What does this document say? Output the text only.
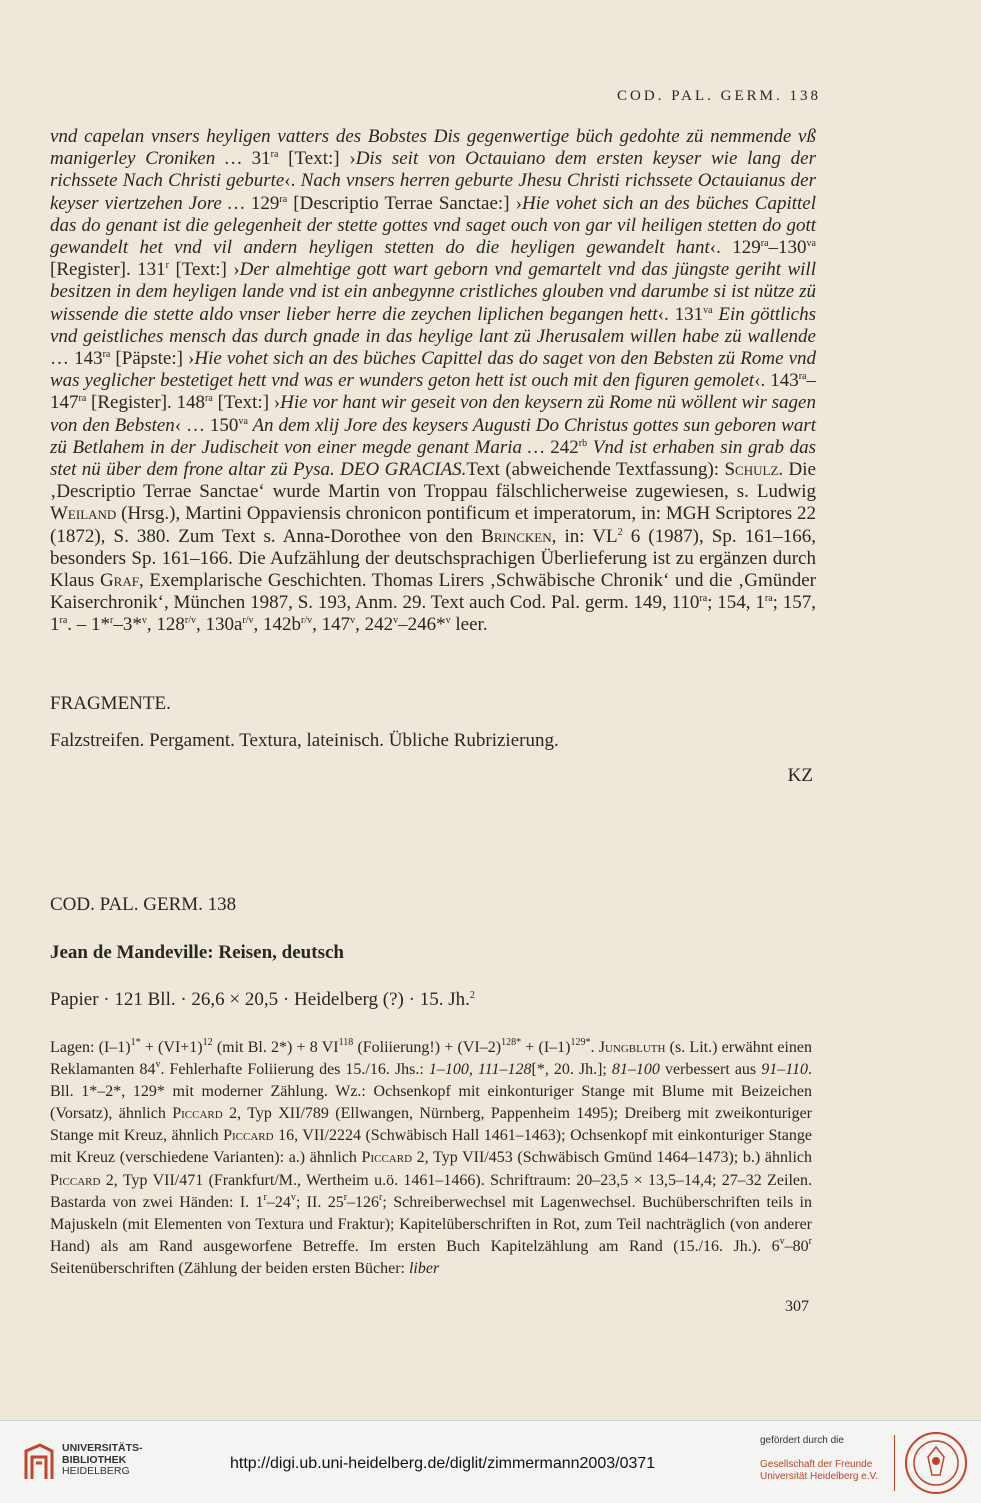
COD. PAL. GERM. 138

vnd capelan vnsers heyligen vatters des Bobstes Dis gegenwertige büch gedohte zü nemmende vß manigerley Croniken … $31^{ra}$ [Text:] ›Dis seit von Octauiano dem ersten keyser wie lang der richssete Nach Christi geburte‹. Nach vnsers herren geburte Jhesu Christi richssete Octauianus der keyser viertzehen Jore … $129^{ra}$ [Descriptio Terrae Sanctae:] ›Hie vohet sich an des büches Capittel das do genant ist die gelegenheit der stette gottes vnd saget ouch von gar vil heiligen stetten do gott gewandelt het vnd vil andern heyligen stetten do die heyligen gewandelt hant‹. $129^{ra}-130^{va}$ [Register]. 131$^r$ [Text:] ›Der almehtige gott wart geborn vnd gemartelt vnd das jüngste geriht will besitzen in dem heyligen lande vnd ist ein anbegynne cristliches glouben vnd darumbe si ist nütze zü wissende die stette aldo vnser lieber herre die zeychen liplichen begangen hett‹. $131^{va}$ Ein göttlichs vnd geistliches mensch das durch gnade in das heylige lant zü Jherusalem willen habe zü wallende … $143^{ra}$ [Päpste:] ›Hie vohet sich an des büches Capittel das do saget von den Bebsten zü Rome vnd was yeglicher bestetiget hett vnd was er wunders geton hett ist ouch mit den figuren gemolet‹. $143^{ra}-147^{ra}$ [Register]. $148^{ra}$ [Text:] ›Hie vor hant wir geseit von den keysern zü Rome nü wöllent wir sagen von den Bebsten‹ … $150^{va}$ An dem xlij Jore des keysers Augusti Do Christus gottes sun geboren wart zü Betlahem in der Judischeit von einer megde genant Maria … $242^{rb}$ Vnd ist erhaben sin grab das stet nü über dem frone altar zü Pysa. DEO GRACIAS.Text (abweichende Textfassung): Schulz. Die ‚Descriptio Terrae Sanctae‘ wurde Martin von Troppau fälschlicherweise zugewiesen, s. Ludwig Weiland (Hrsg.), Martini Oppaviensis chronicon pontificum et imperatorum, in: MGH Scriptores 22 (1872), S. 380. Zum Text s. Anna-Dorothee von den Brincken, in: $VL^2$ 6 (1987), Sp. 161–166, besonders Sp. 161–166. Die Aufzählung der deutschsprachigen Überlieferung ist zu ergänzen durch Klaus Graf, Exemplarische Geschichten. Thomas Lirers ‚Schwäbische Chronik‘ und die ‚Gmünder Kaiserchronik‘, München 1987, S. 193, Anm. 29. Text auch Cod. Pal. germ. 149, $110^{ra}$; 154, $1^{ra}$; 157, $1^{ra}$. – 1*$^r$–3*$^v$, $128^{r/v}$, $130a^{r/v}$, $142b^{r/v}$, 147$^v$, 242$^v$–246*$^v$ leer.

FRAGMENTE.
Falzstreifen. Pergament. Textura, lateinisch. Übliche Rubrizierung.
KZ
COD. PAL. GERM. 138
Jean de Mandeville: Reisen, deutsch
Papier · 121 Bll. · 26,6 × 20,5 · Heidelberg (?) · 15. Jh.$^2$

Lagen: $(I-1)^{1*} + (VI+1)^{12}$ (mit Bl. 2*) + 8 VI$^{118}$ (Foliierung!) + $(VI-2)^{128*} + (I-1)^{129*}$. Jungbluth (s. Lit.) erwähnt einen Reklamanten 84$^v$. Fehlerhafte Foliierung des 15./16. Jhs.: 1–100, 111–128[*, 20. Jh.]; 81–100 verbessert aus 91–110. Bll. 1*–2*, 129* mit moderner Zählung. Wz.: Ochsenkopf mit einkonturiger Stange mit Blume mit Beizeichen (Vorsatz), ähnlich Piccard 2, Typ XII/789 (Ellwangen, Nürnberg, Pappenheim 1495); Dreiberg mit zweikonturiger Stange mit Kreuz, ähnlich Piccard 16, VII/2224 (Schwäbisch Hall 1461–1463); Ochsenkopf mit einkonturiger Stange mit Kreuz (verschiedene Varianten): a.) ähnlich Piccard 2, Typ VII/453 (Schwäbisch Gmünd 1464–1473); b.) ähnlich Piccard 2, Typ VII/471 (Frankfurt/M., Wertheim u.ö. 1461–1466). Schriftraum: 20–23,5 × 13,5–14,4; 27–32 Zeilen. Bastarda von zwei Händen: I. 1$^r$–24$^v$; II. 25$^r$–126$^r$; Schreiberwechsel mit Lagenwechsel. Buchüberschriften teils in Majuskeln (mit Elementen von Textura und Fraktur); Kapitelüberschriften in Rot, zum Teil nachträglich (von anderer Hand) als am Rand ausgeworfene Betreffe. Im ersten Buch Kapitelzählung am Rand (15./16. Jh.). 6$^v$–80$^r$ Seitenüberschriften (Zählung der beiden ersten Bücher: liber

307
UNIVERSITÄTS-
BIBLIOTHEK
HEIDELBERG	http://digi.ub.uni-heidelberg.de/diglit/zimmermann2003/0371
gefördert durch die
Gesellschaft der Freunde
Universität Heidelberg e.V.
